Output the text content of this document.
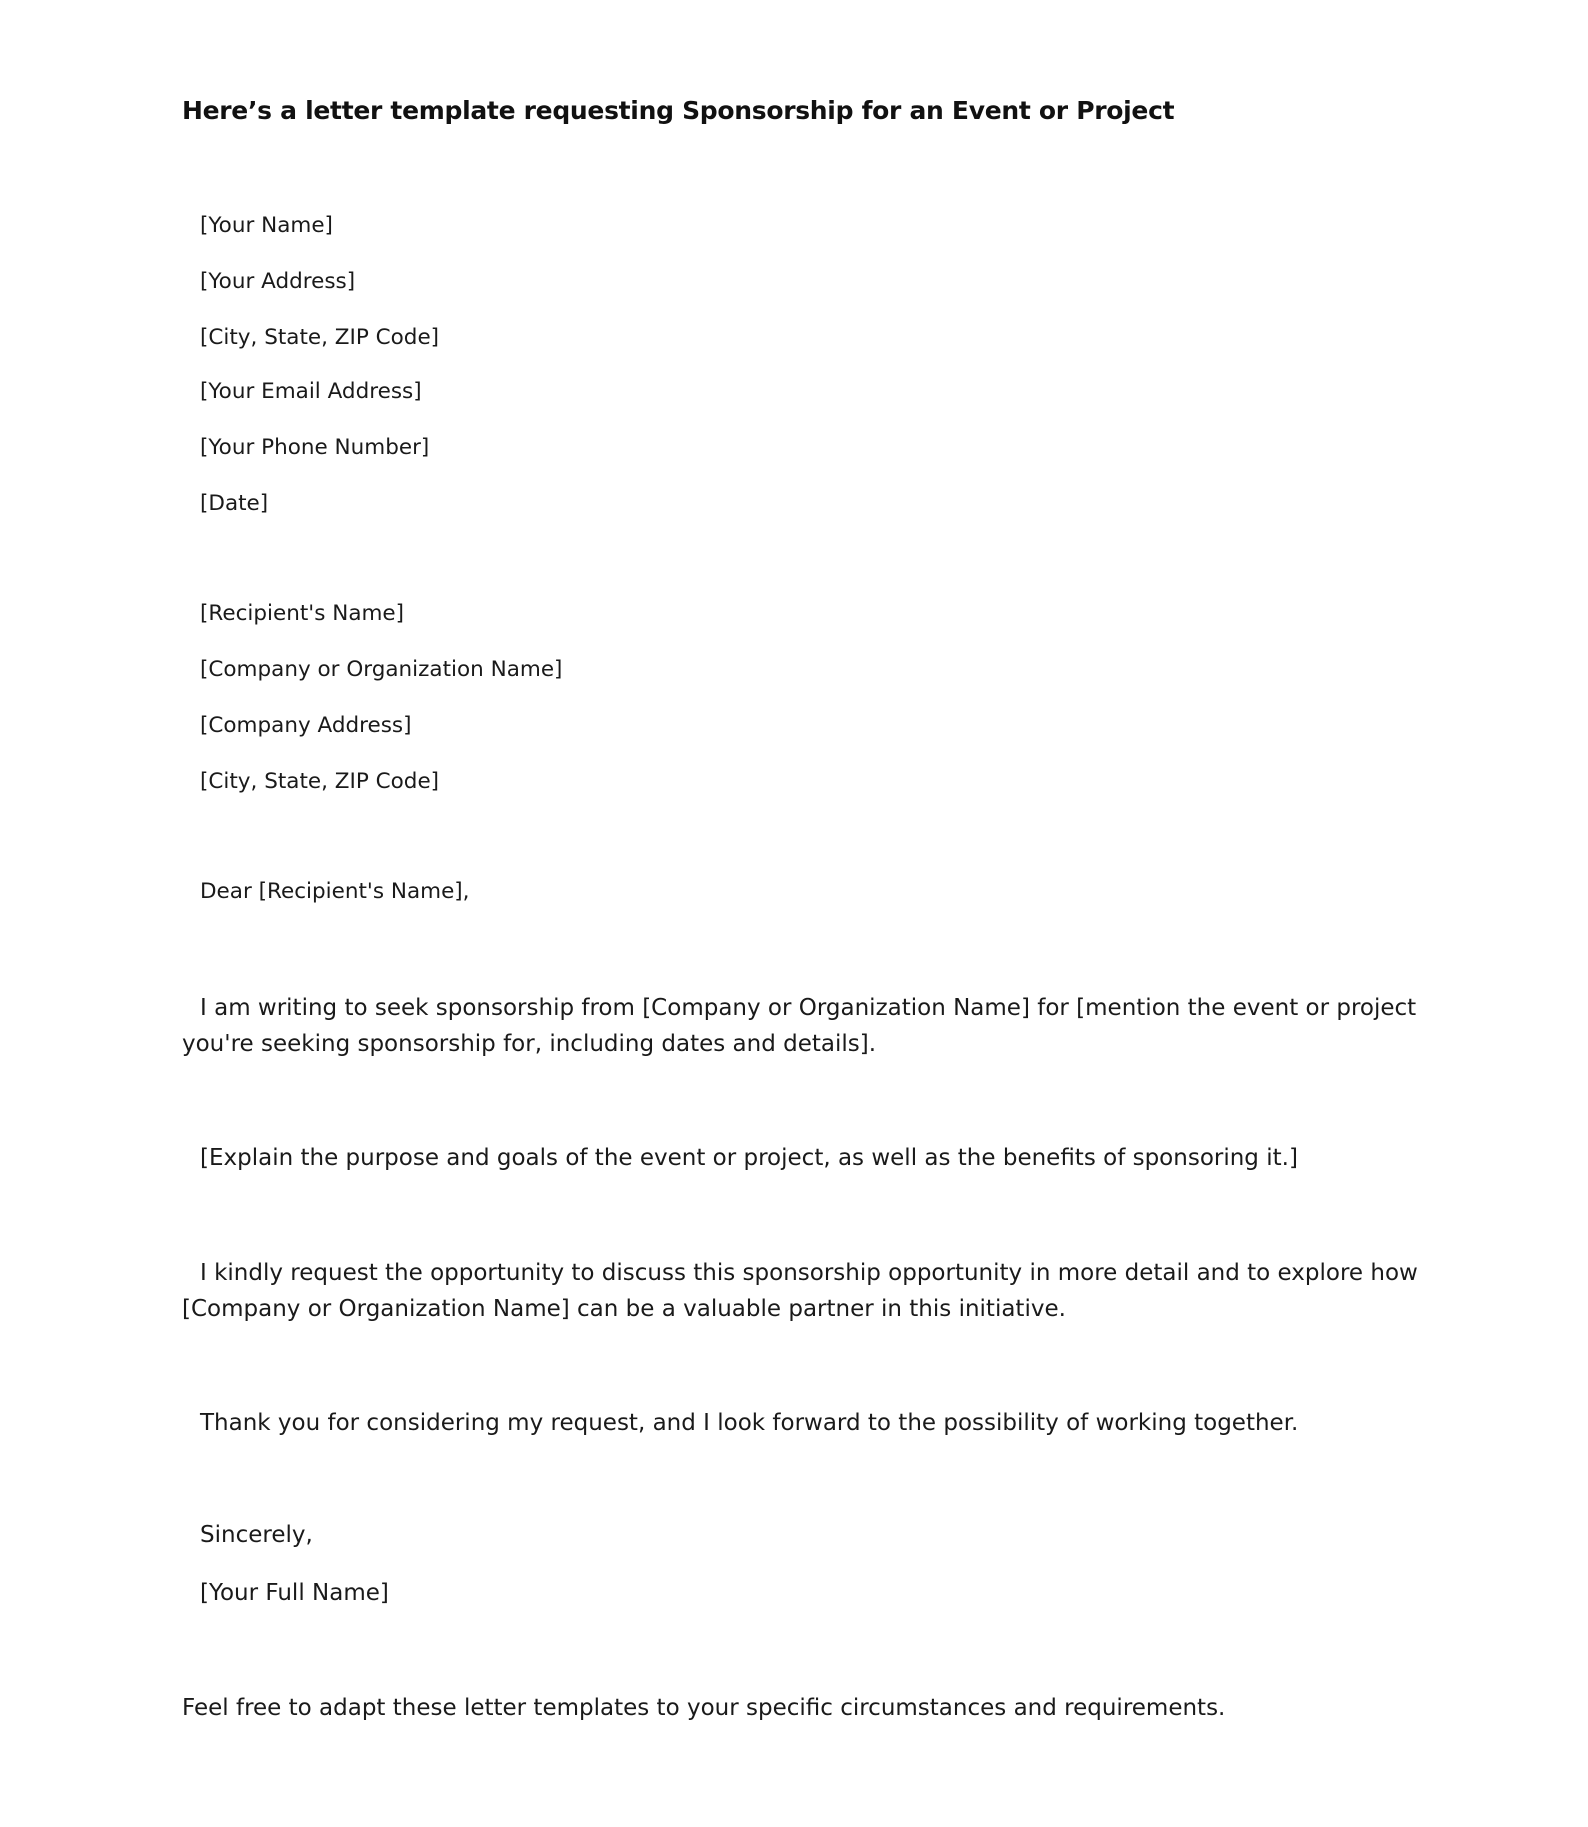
Here’s a letter template requesting Sponsorship for an Event or Project
[Your Name]
[Your Address]
[City, State, ZIP Code]
[Your Email Address]
[Your Phone Number]
[Date]
[Recipient's Name]
[Company or Organization Name]
[Company Address]
[City, State, ZIP Code]
Dear [Recipient's Name],
I am writing to seek sponsorship from [Company or Organization Name] for [mention the event or project you're seeking sponsorship for, including dates and details].
[Explain the purpose and goals of the event or project, as well as the benefits of sponsoring it.]
I kindly request the opportunity to discuss this sponsorship opportunity in more detail and to explore how [Company or Organization Name] can be a valuable partner in this initiative.
Thank you for considering my request, and I look forward to the possibility of working together.
Sincerely,
[Your Full Name]
Feel free to adapt these letter templates to your specific circumstances and requirements.
